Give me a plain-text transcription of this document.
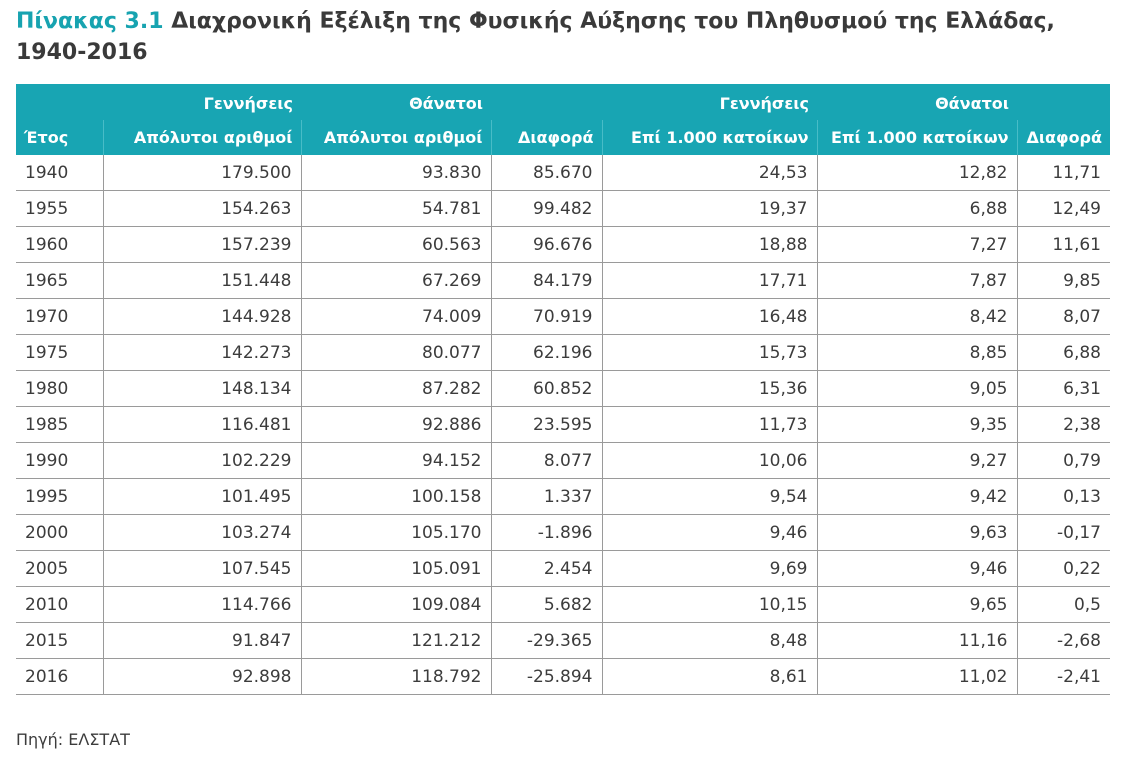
Πίνακας 3.1 Διαχρονική Εξέλιξη της Φυσικής Αύξησης του Πληθυσμού της Ελλάδας, 1940-2016
	Γεννήσεις	Θάνατοι		Γεννήσεις	Θάνατοι	
Έτος	Απόλυτοι αριθμοί	Απόλυτοι αριθμοί	Διαφορά	Επί 1.000 κατοίκων	Επί 1.000 κατοίκων	Διαφορά
1940	179.500	93.830	85.670	24,53	12,82	11,71
1955	154.263	54.781	99.482	19,37	6,88	12,49
1960	157.239	60.563	96.676	18,88	7,27	11,61
1965	151.448	67.269	84.179	17,71	7,87	9,85
1970	144.928	74.009	70.919	16,48	8,42	8,07
1975	142.273	80.077	62.196	15,73	8,85	6,88
1980	148.134	87.282	60.852	15,36	9,05	6,31
1985	116.481	92.886	23.595	11,73	9,35	2,38
1990	102.229	94.152	8.077	10,06	9,27	0,79
1995	101.495	100.158	1.337	9,54	9,42	0,13
2000	103.274	105.170	-1.896	9,46	9,63	-0,17
2005	107.545	105.091	2.454	9,69	9,46	0,22
2010	114.766	109.084	5.682	10,15	9,65	0,5
2015	91.847	121.212	-29.365	8,48	11,16	-2,68
2016	92.898	118.792	-25.894	8,61	11,02	-2,41
Πηγή: ΕΛΣΤΑΤ
